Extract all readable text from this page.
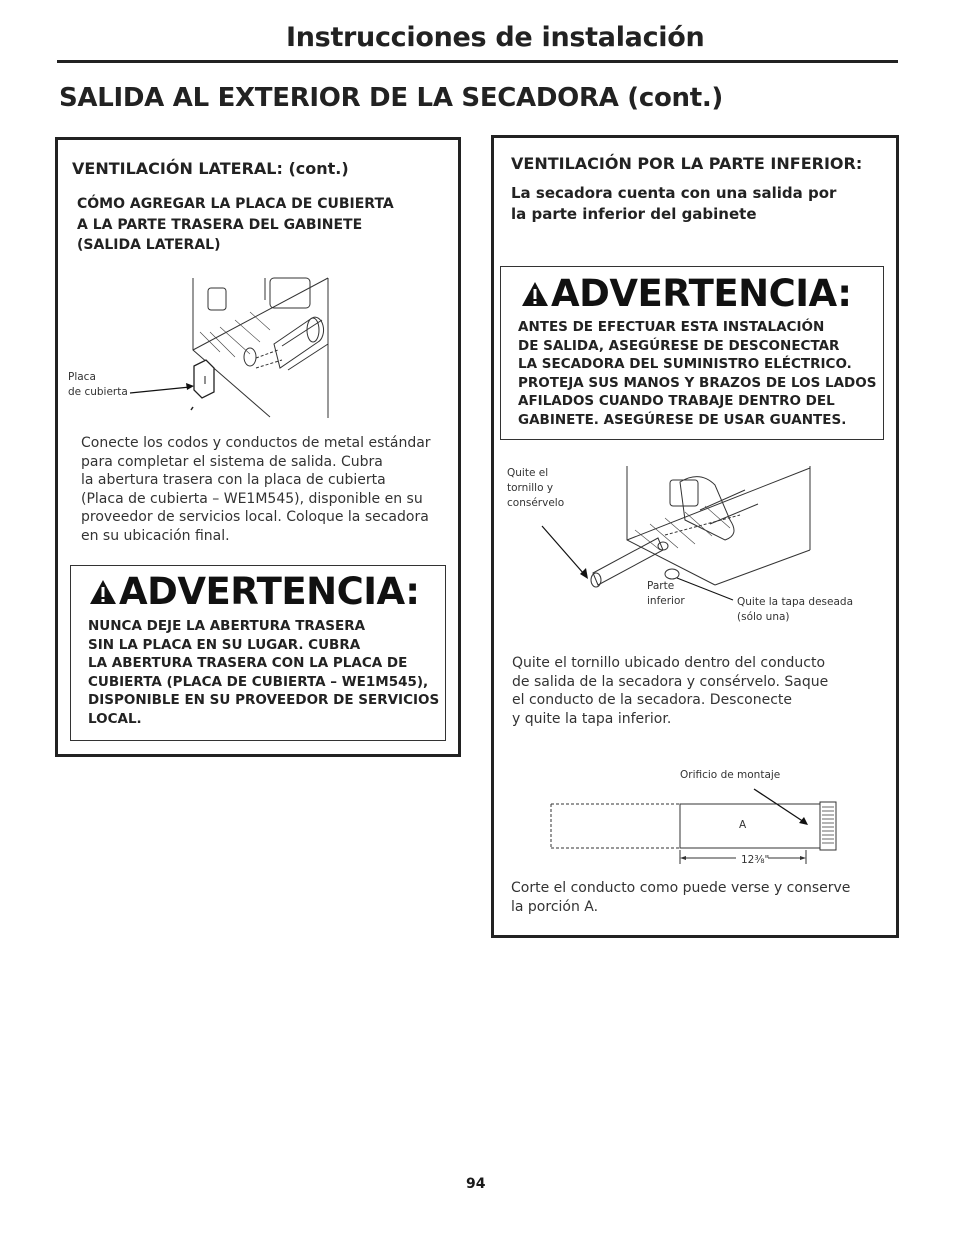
Instrucciones de instalación
SALIDA AL EXTERIOR DE LA SECADORA (cont.)
VENTILACIÓN LATERAL: (cont.)
CÓMO AGREGAR LA PLACA DE CUBIERTA
A LA PARTE TRASERA DEL GABINETE
(SALIDA LATERAL)
Placa
de cubierta
Conecte los codos y conductos de metal estándar
para completar el sistema de salida. Cubra
la abertura trasera con la placa de cubierta
(Placa de cubierta – WE1M545), disponible en su
proveedor de servicios local. Coloque la secadora
en su ubicación final.
ADVERTENCIA:
NUNCA DEJE LA ABERTURA TRASERA
SIN LA PLACA EN SU LUGAR. CUBRA
LA ABERTURA TRASERA CON LA PLACA DE
CUBIERTA (PLACA DE CUBIERTA – WE1M545),
DISPONIBLE EN SU PROVEEDOR DE SERVICIOS
LOCAL.
VENTILACIÓN POR LA PARTE INFERIOR:
La secadora cuenta con una salida por
la parte inferior del gabinete
ADVERTENCIA:
ANTES DE EFECTUAR ESTA INSTALACIÓN
DE SALIDA, ASEGÚRESE DE DESCONECTAR
LA SECADORA DEL SUMINISTRO ELÉCTRICO.
PROTEJA SUS MANOS Y BRAZOS DE LOS LADOS
AFILADOS CUANDO TRABAJE DENTRO DEL
GABINETE. ASEGÚRESE DE USAR GUANTES.
Quite el
tornillo y
consérvelo
Parte
inferior	Quite la tapa deseada
(sólo una)
Quite el tornillo ubicado dentro del conducto
de salida de la secadora y consérvelo. Saque
el conducto de la secadora. Desconecte
y quite la tapa inferior.
Orificio de montaje
A
12⅜"
Corte el conducto como puede verse y conserve
la porción A.
94
